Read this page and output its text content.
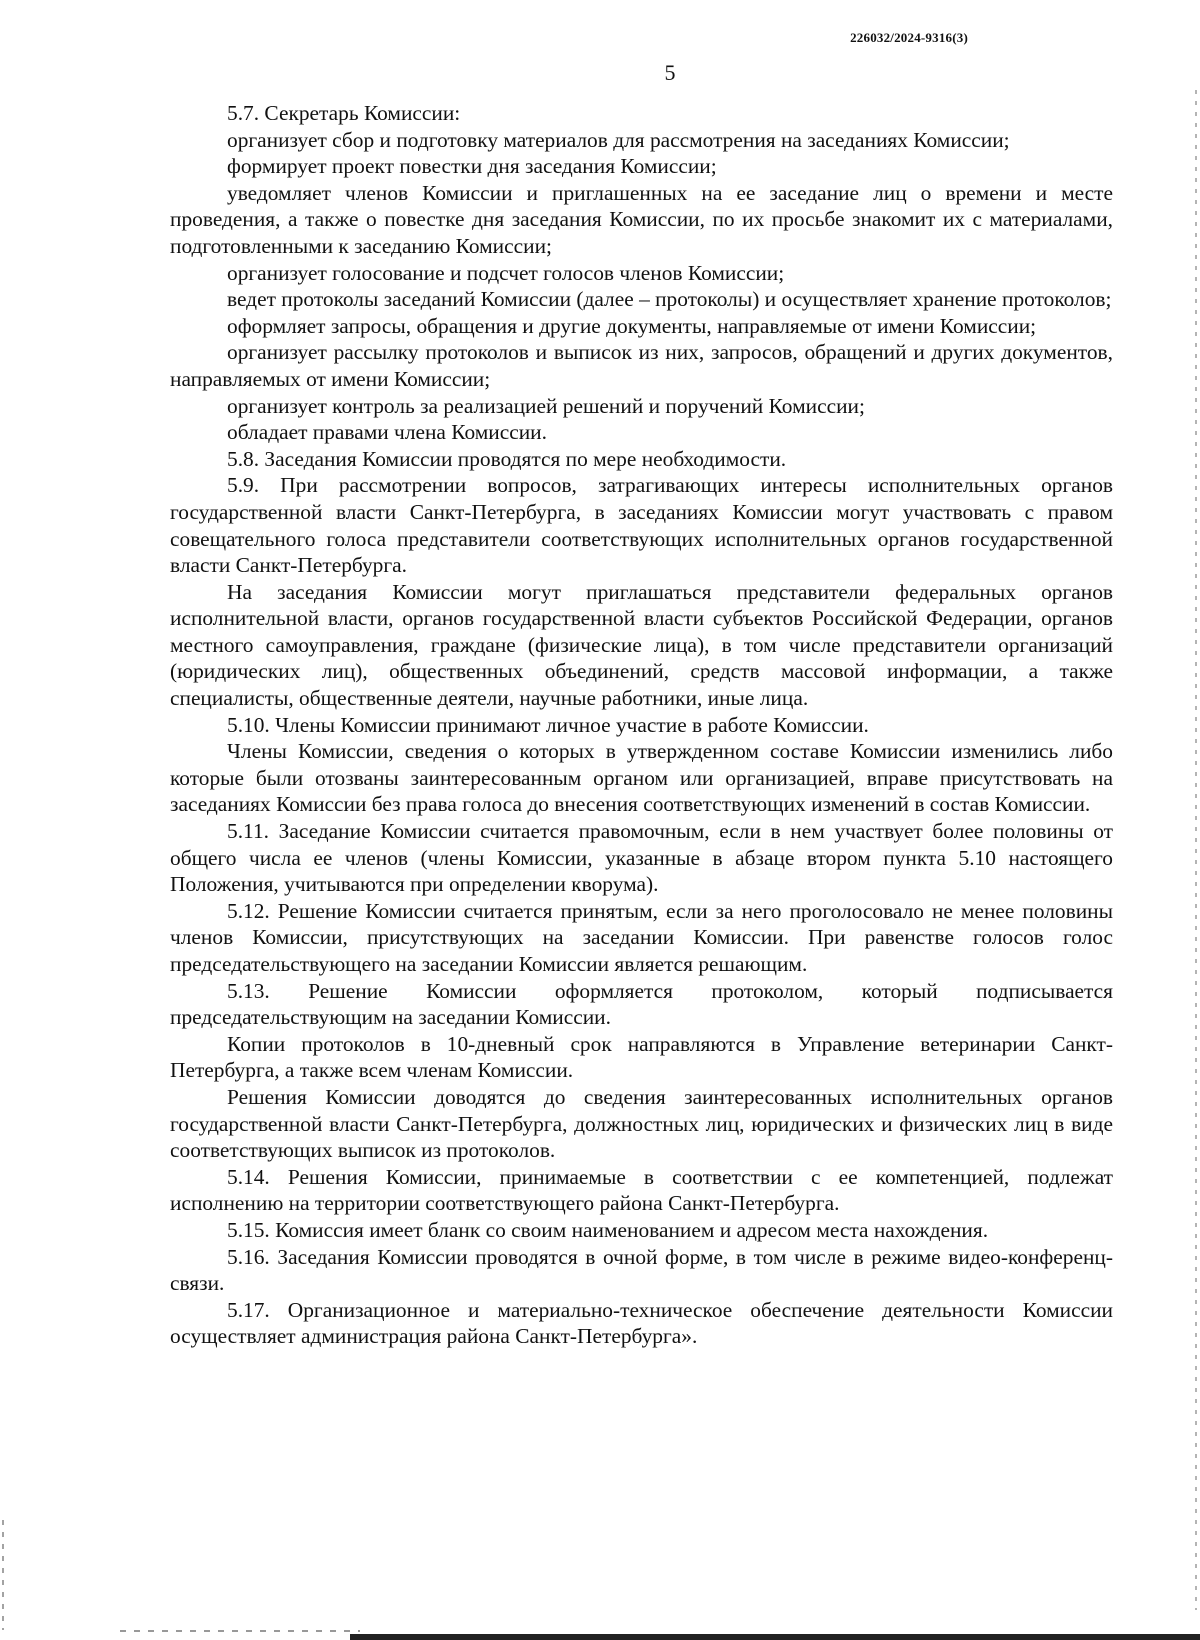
226032/2024-9316(3)
5

5.7. Секретарь Комиссии:

организует сбор и подготовку материалов для рассмотрения на заседаниях Комиссии;

формирует проект повестки дня заседания Комиссии;

уведомляет членов Комиссии и приглашенных на ее заседание лиц о времени и месте проведения, а также о повестке дня заседания Комиссии, по их просьбе знакомит их с материалами, подготовленными к заседанию Комиссии;

организует голосование и подсчет голосов членов Комиссии;

ведет протоколы заседаний Комиссии (далее – протоколы) и осуществляет хранение протоколов;

оформляет запросы, обращения и другие документы, направляемые от имени Комиссии;

организует рассылку протоколов и выписок из них, запросов, обращений и других документов, направляемых от имени Комиссии;

организует контроль за реализацией решений и поручений Комиссии;

обладает правами члена Комиссии.

5.8. Заседания Комиссии проводятся по мере необходимости.

5.9. При рассмотрении вопросов, затрагивающих интересы исполнительных органов государственной власти Санкт-Петербурга, в заседаниях Комиссии могут участвовать с правом совещательного голоса представители соответствующих исполнительных органов государственной власти Санкт-Петербурга.

На заседания Комиссии могут приглашаться представители федеральных органов исполнительной власти, органов государственной власти субъектов Российской Федерации, органов местного самоуправления, граждане (физические лица), в том числе представители организаций (юридических лиц), общественных объединений, средств массовой информации, а также специалисты, общественные деятели, научные работники, иные лица.

5.10. Члены Комиссии принимают личное участие в работе Комиссии.

Члены Комиссии, сведения о которых в утвержденном составе Комиссии изменились либо которые были отозваны заинтересованным органом или организацией, вправе присутствовать на заседаниях Комиссии без права голоса до внесения соответствующих изменений в состав Комиссии.

5.11. Заседание Комиссии считается правомочным, если в нем участвует более половины от общего числа ее членов (члены Комиссии, указанные в абзаце втором пункта 5.10 настоящего Положения, учитываются при определении кворума).

5.12. Решение Комиссии считается принятым, если за него проголосовало не менее половины членов Комиссии, присутствующих на заседании Комиссии. При равенстве голосов голос председательствующего на заседании Комиссии является решающим.

5.13. Решение Комиссии оформляется протоколом, который подписывается председательствующим на заседании Комиссии.

Копии протоколов в 10-дневный срок направляются в Управление ветеринарии Санкт-Петербурга, а также всем членам Комиссии.

Решения Комиссии доводятся до сведения заинтересованных исполнительных органов государственной власти Санкт-Петербурга, должностных лиц, юридических и физических лиц в виде соответствующих выписок из протоколов.

5.14. Решения Комиссии, принимаемые в соответствии с ее компетенцией, подлежат исполнению на территории соответствующего района Санкт-Петербурга.

5.15. Комиссия имеет бланк со своим наименованием и адресом места нахождения.

5.16. Заседания Комиссии проводятся в очной форме, в том числе в режиме видео-конференц-связи.

5.17. Организационное и материально-техническое обеспечение деятельности Комиссии осуществляет администрация района Санкт-Петербурга».
